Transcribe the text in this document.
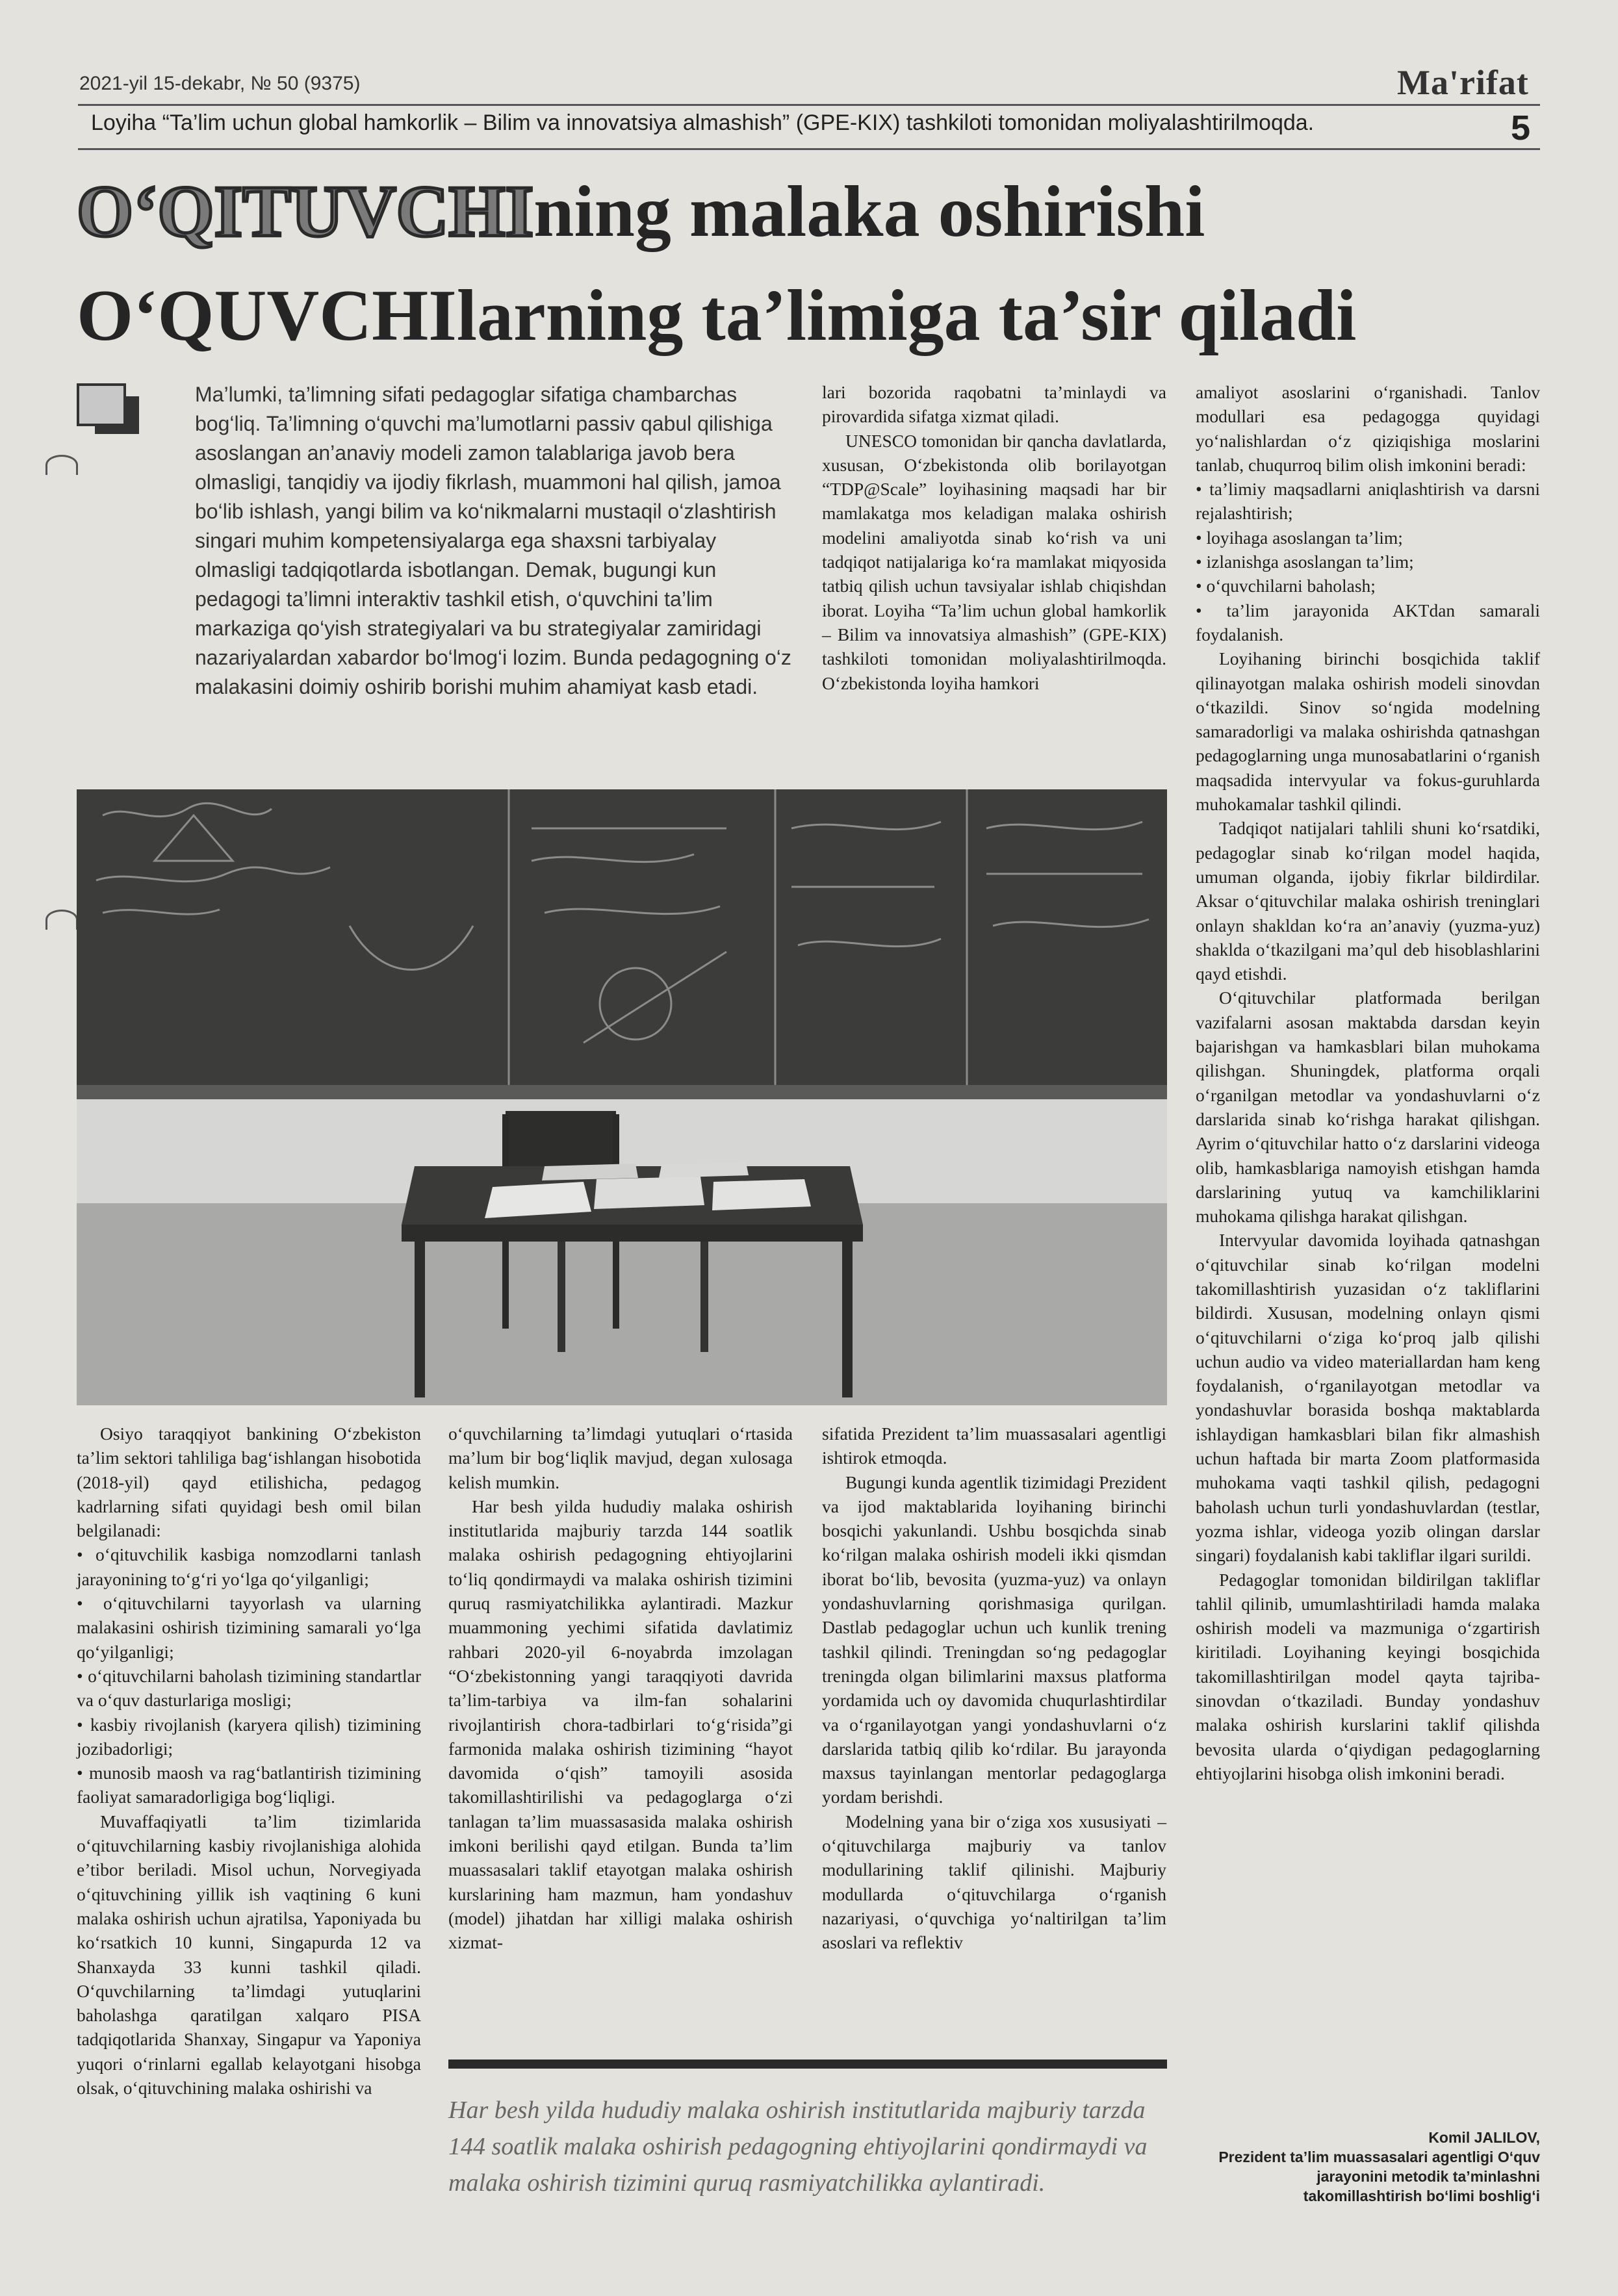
2021-yil 15-dekabr, № 50 (9375)	Ma'rifat
Loyiha “Ta’lim uchun global hamkorlik – Bilim va innovatsiya almashish” (GPE-KIX) tashkiloti tomonidan moliyalashtirilmoqda.	5
O‘QITUVCHIning malaka oshirishi
O‘QUVCHIlarning ta’limiga ta’sir qiladi
Ma’lumki, ta’limning sifati pedagoglar sifatiga chambarchas bog‘liq. Ta’limning o‘quvchi ma’lumotlarni passiv qabul qilishiga asoslangan an’anaviy modeli zamon talablariga javob bera olmasligi, tanqidiy va ijodiy fikrlash, muammoni hal qilish, jamoa bo‘lib ishlash, yangi bilim va ko‘nikmalarni mustaqil o‘zlashtirish singari muhim kompetensiyalarga ega shaxsni tarbiyalay olmasligi tadqiqotlarda isbotlangan. Demak, bugungi kun pedagogi ta’limni interaktiv tashkil etish, o‘quvchini ta’lim markaziga qo‘yish strategiyalari va bu strategiyalar zamiridagi nazariyalardan xabardor bo‘lmog‘i lozim. Bunda pedagogning o‘z malakasini doimiy oshirib borishi muhim ahamiyat kasb etadi.

lari bozorida raqobatni ta’minlaydi va pirovardida sifatga xizmat qiladi.

UNESCO tomonidan bir qancha davlatlarda, xususan, O‘zbekistonda olib borilayotgan “TDP@Scale” loyihasining maqsadi har bir mamlakatga mos keladigan malaka oshirish modelini amaliyotda sinab ko‘rish va uni tadqiqot natijalariga ko‘ra mamlakat miqyosida tatbiq qilish uchun tavsiyalar ishlab chiqishdan iborat. Loyiha “Ta’lim uchun global hamkorlik – Bilim va innovatsiya almashish” (GPE-KIX) tashkiloti tomonidan moliyalashtirilmoqda. O‘zbekistonda loyiha hamkori

amaliyot asoslarini o‘rganishadi. Tanlov modullari esa pedagogga quyidagi yo‘nalishlardan o‘z qiziqishiga moslarini tanlab, chuqurroq bilim olish imkonini beradi:

• ta’limiy maqsadlarni aniqlashtirish va darsni rejalashtirish;

• loyihaga asoslangan ta’lim;

• izlanishga asoslangan ta’lim;

• o‘quvchilarni baholash;

• ta’lim jarayonida AKTdan samarali foydalanish.

Loyihaning birinchi bosqichida taklif qilinayotgan malaka oshirish modeli sinovdan o‘tkazildi. Sinov so‘ngida modelning samaradorligi va malaka oshirishda qatnashgan pedagoglarning unga munosabatlarini o‘rganish maqsadida intervyular va fokus-guruhlarda muhokamalar tashkil qilindi.

Tadqiqot natijalari tahlili shuni ko‘rsatdiki, pedagoglar sinab ko‘rilgan model haqida, umuman olganda, ijobiy fikrlar bildirdilar. Aksar o‘qituvchilar malaka oshirish treninglari onlayn shakldan ko‘ra an’anaviy (yuzma-yuz) shaklda o‘tkazilgani ma’qul deb hisoblashlarini qayd etishdi.

O‘qituvchilar platformada berilgan vazifalarni asosan maktabda darsdan keyin bajarishgan va hamkasblari bilan muhokama qilishgan. Shuningdek, platforma orqali o‘rganilgan metodlar va yondashuvlarni o‘z darslarida sinab ko‘rishga harakat qilishgan. Ayrim o‘qituvchilar hatto o‘z darslarini videoga olib, hamkasblariga namoyish etishgan hamda darslarining yutuq va kamchiliklarini muhokama qilishga harakat qilishgan.

Intervyular davomida loyihada qatnashgan o‘qituvchilar sinab ko‘rilgan modelni takomillashtirish yuzasidan o‘z takliflarini bildirdi. Xususan, modelning onlayn qismi o‘qituvchilarni o‘ziga ko‘proq jalb qilishi uchun audio va video materiallardan ham keng foydalanish, o‘rganilayotgan metodlar va yondashuvlar borasida boshqa maktablarda ishlaydigan hamkasblari bilan fikr almashish uchun haftada bir marta Zoom platformasida muhokama vaqti tashkil qilish, pedagogni baholash uchun turli yondashuvlardan (testlar, yozma ishlar, videoga yozib olingan darslar singari) foydalanish kabi takliflar ilgari surildi.

Pedagoglar tomonidan bildirilgan takliflar tahlil qilinib, umumlashtiriladi hamda malaka oshirish modeli va mazmuniga o‘zgartirish kiritiladi. Loyihaning keyingi bosqichida takomillashtirilgan model qayta tajriba-sinovdan o‘tkaziladi. Bunday yondashuv malaka oshirish kurslarini taklif qilishda bevosita ularda o‘qiydigan pedagoglarning ehtiyojlarini hisobga olish imkonini beradi.

Osiyo taraqqiyot bankining O‘zbekiston ta’lim sektori tahliliga bag‘ishlangan hisobotida (2018-yil) qayd etilishicha, pedagog kadrlarning sifati quyidagi besh omil bilan belgilanadi:

• o‘qituvchilik kasbiga nomzodlarni tanlash jarayonining to‘g‘ri yo‘lga qo‘yilganligi;

• o‘qituvchilarni tayyorlash va ularning malakasini oshirish tizimining samarali yo‘lga qo‘yilganligi;

• o‘qituvchilarni baholash tizimining standartlar va o‘quv dasturlariga mosligi;

• kasbiy rivojlanish (karyera qilish) tizimining jozibadorligi;

• munosib maosh va rag‘batlantirish tizimining faoliyat samaradorligiga bog‘liqligi.

Muvaffaqiyatli ta’lim tizimlarida o‘qituvchilarning kasbiy rivojlanishiga alohida e’tibor beriladi. Misol uchun, Norvegiyada o‘qituvchining yillik ish vaqtining 6 kuni malaka oshirish uchun ajratilsa, Yaponiyada bu ko‘rsatkich 10 kunni, Singapurda 12 va Shanxayda 33 kunni tashkil qiladi. O‘quvchilarning ta’limdagi yutuqlarini baholashga qaratilgan xalqaro PISA tadqiqotlarida Shanxay, Singapur va Yaponiya yuqori o‘rinlarni egallab kelayotgani hisobga olsak, o‘qituvchining malaka oshirishi va

o‘quvchilarning ta’limdagi yutuqlari o‘rtasida ma’lum bir bog‘liqlik mavjud, degan xulosaga kelish mumkin.

Har besh yilda hududiy malaka oshirish institutlarida majburiy tarzda 144 soatlik malaka oshirish pedagogning ehtiyojlarini to‘liq qondirmaydi va malaka oshirish tizimini quruq rasmiyatchilikka aylantiradi. Mazkur muammoning yechimi sifatida davlatimiz rahbari 2020-yil 6-noyabrda imzolagan “O‘zbekistonning yangi taraqqiyoti davrida ta’lim-tarbiya va ilm-fan sohalarini rivojlantirish chora-tadbirlari to‘g‘risida”gi farmonida malaka oshirish tizimining “hayot davomida o‘qish” tamoyili asosida takomillashtirilishi va pedagoglarga o‘zi tanlagan ta’lim muassasasida malaka oshirish imkoni berilishi qayd etilgan. Bunda ta’lim muassasalari taklif etayotgan malaka oshirish kurslarining ham mazmun, ham yondashuv (model) jihatdan har xilligi malaka oshirish xizmat-

sifatida Prezident ta’lim muassasalari agentligi ishtirok etmoqda.

Bugungi kunda agentlik tizimidagi Prezident va ijod maktablarida loyihaning birinchi bosqichi yakunlandi. Ushbu bosqichda sinab ko‘rilgan malaka oshirish modeli ikki qismdan iborat bo‘lib, bevosita (yuzma-yuz) va onlayn yondashuvlarning qorishmasiga qurilgan. Dastlab pedagoglar uchun uch kunlik trening tashkil qilindi. Treningdan so‘ng pedagoglar treningda olgan bilimlarini maxsus platforma yordamida uch oy davomida chuqurlashtirdilar va o‘rganilayotgan yangi yondashuvlarni o‘z darslarida tatbiq qilib ko‘rdilar. Bu jarayonda maxsus tayinlangan mentorlar pedagoglarga yordam berishdi.

Modelning yana bir o‘ziga xos xususiyati – o‘qituvchilarga majburiy va tanlov modullarining taklif qilinishi. Majburiy modullarda o‘qituvchilarga o‘rganish nazariyasi, o‘quvchiga yo‘naltirilgan ta’lim asoslari va reflektiv

Har besh yilda hududiy malaka oshirish institutlarida majburiy tarzda 144 soatlik malaka oshirish pedagogning ehtiyojlarini qondirmaydi va malaka oshirish tizimini quruq rasmiyatchilikka aylantiradi.
Komil JALILOV,
Prezident ta’lim muassasalari agentligi O‘quv jarayonini metodik ta’minlashni takomillashtirish bo‘limi boshlig‘i
